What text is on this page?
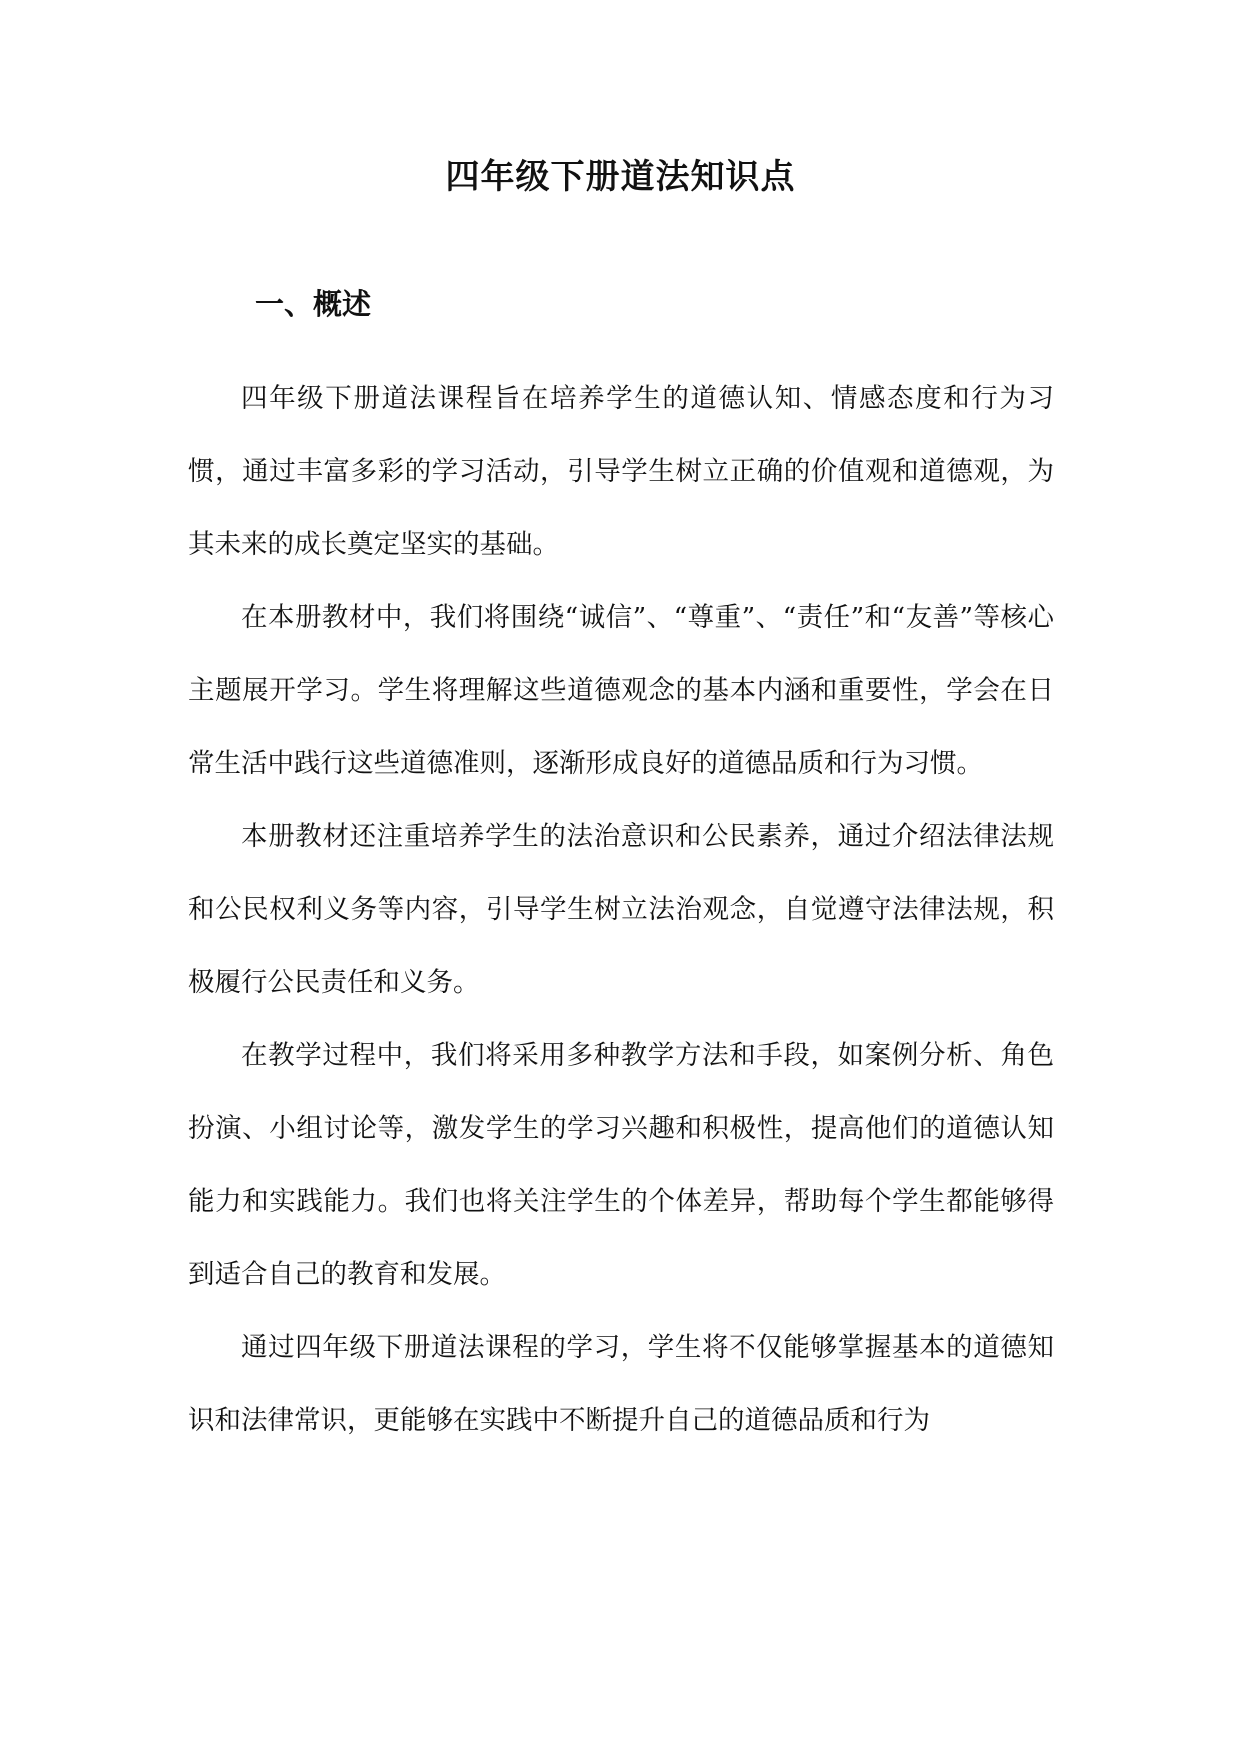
四年级下册道法知识点
一、概述

四年级下册道法课程旨在培养学生的道德认知、情感态度和行为习惯，通过丰富多彩的学习活动，引导学生树立正确的价值观和道德观，为其未来的成长奠定坚实的基础。

在本册教材中，我们将围绕“诚信”、“尊重”、“责任”和“友善”等核心主题展开学习。学生将理解这些道德观念的基本内涵和重要性，学会在日常生活中践行这些道德准则，逐渐形成良好的道德品质和行为习惯。

本册教材还注重培养学生的法治意识和公民素养，通过介绍法律法规和公民权利义务等内容，引导学生树立法治观念，自觉遵守法律法规，积极履行公民责任和义务。

在教学过程中，我们将采用多种教学方法和手段，如案例分析、角色扮演、小组讨论等，激发学生的学习兴趣和积极性，提高他们的道德认知能力和实践能力。我们也将关注学生的个体差异，帮助每个学生都能够得到适合自己的教育和发展。

通过四年级下册道法课程的学习，学生将不仅能够掌握基本的道德知识和法律常识，更能够在实践中不断提升自己的道德品质和行为
